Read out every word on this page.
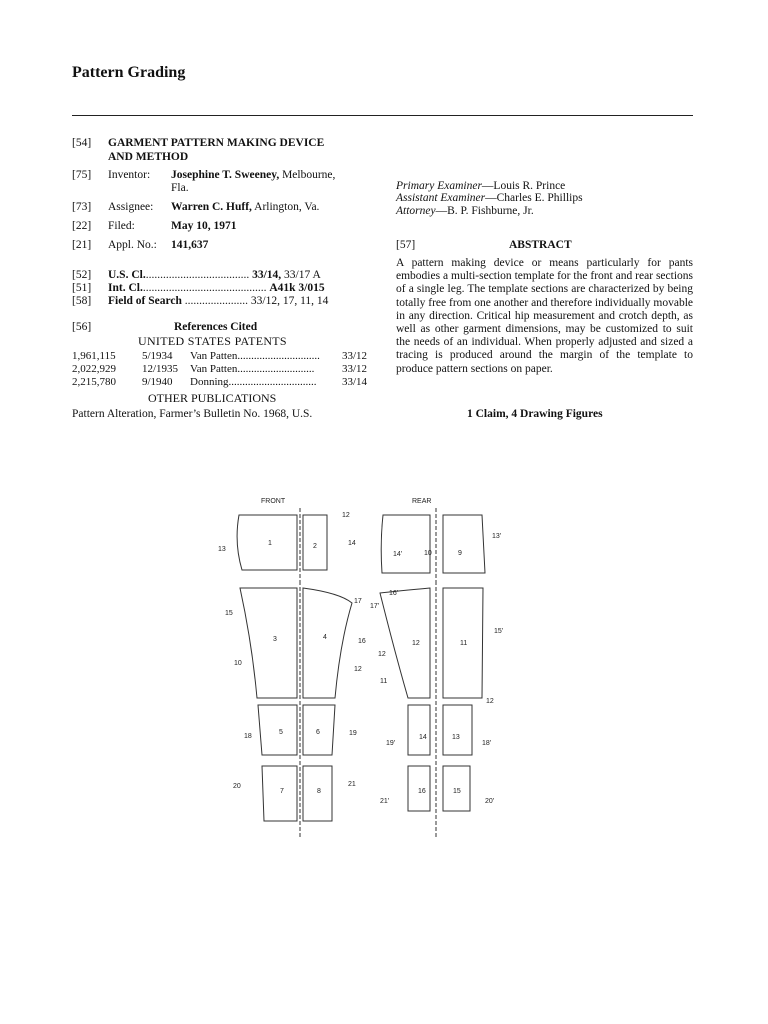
Pattern Grading
[54] GARMENT PATTERN MAKING DEVICE
AND METHOD
[75] Inventor: Josephine T. Sweeney, Melbourne,
Fla.
[73] Assignee: Warren C. Huff, Arlington, Va.
[22] Filed:	May 10, 1971
[21] Appl. No.: 141,637
[52] U.S. Cl..................................... 33/14, 33/17 A
[51] Int. Cl............................................ A41k 3/015
[58] Field of Search ...................... 33/12, 17, 11, 14
[56]	References Cited
UNITED STATES PATENTS
1,961,115 5/1934 Van Patten.............................. 33/12
2,022,929 12/1935 Van Patten............................	33/12
2,215,780 9/1940 Donning................................ 33/14
OTHER PUBLICATIONS
Pattern Alteration, Farmer’s Bulletin No. 1968, U.S.
Primary Examiner—Louis R. Prince
Assistant Examiner—Charles E. Phillips
Attorney—B. P. Fishburne, Jr.
[57]	ABSTRACT
A pattern making device or means particularly for pants embodies a multi-section template for the front and rear sections of a single leg. The template sections are characterized by being totally free from one another and therefore individually movable in any direction. Critical hip measurement and crotch depth, as well as other garment dimensions, may be customized to suit the needs of an individual. When properly adjusted and sized a tracing is produced around the margin of the template to produce pattern sections on paper.
1 Claim, 4 Drawing Figures
FRONT	REAR
1	2
3	4
5	6
7	8
9
10
11
12
13
14
15
16
12
13
14
15
16
17
10
12
18	19
20	21
13'
14'
16'
17'
15'
12
11
12
19'	18'
21'	20'
